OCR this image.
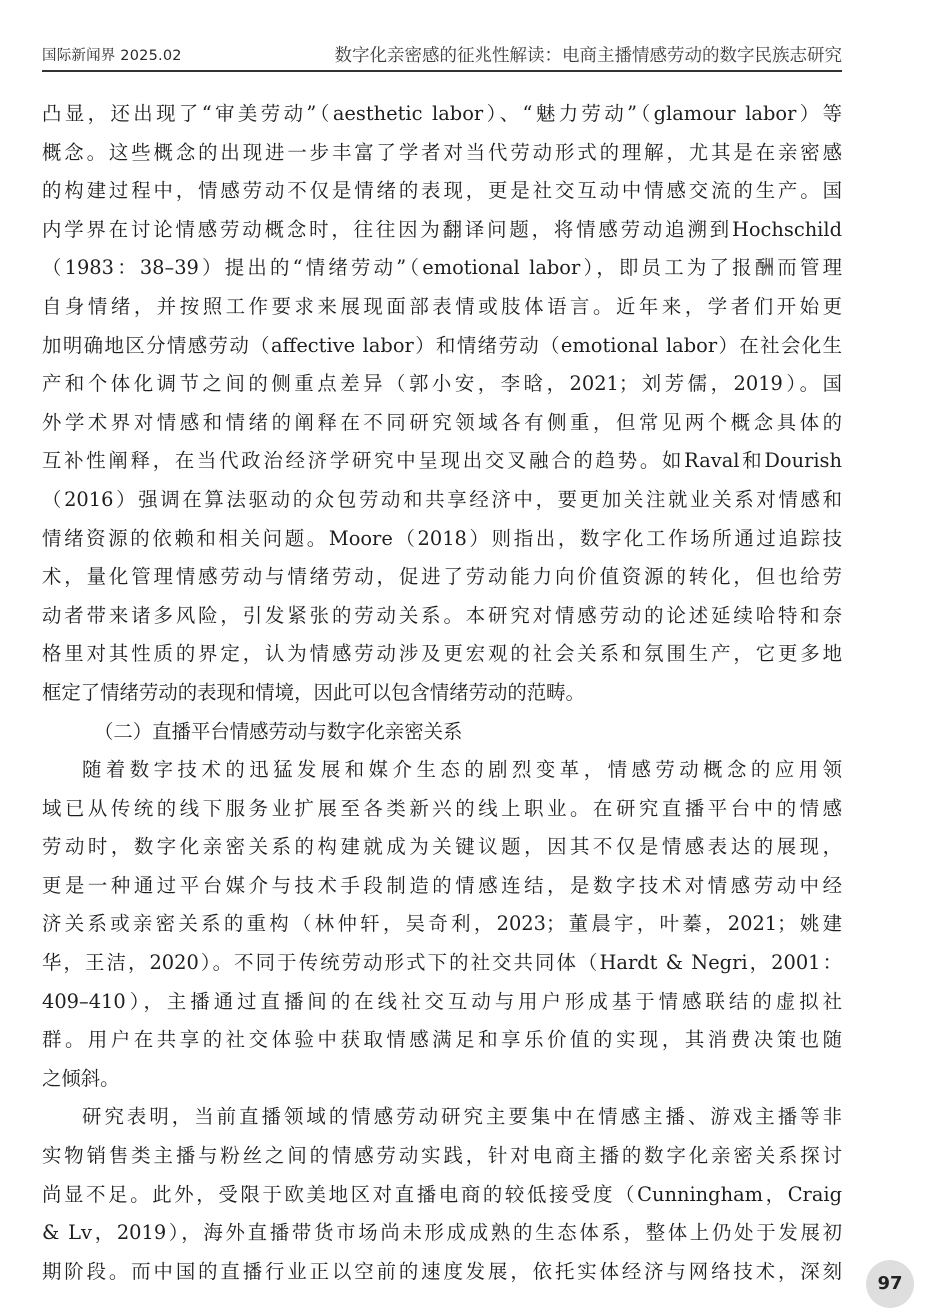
国际新闻界 2025.02	数字化亲密感的征兆性解读：电商主播情感劳动的数字民族志研究
凸显，还出现了“审美劳动”（aesthetic labor）、“魅力劳动”（glamour labor）等
概念。这些概念的出现进一步丰富了学者对当代劳动形式的理解，尤其是在亲密感
的构建过程中，情感劳动不仅是情绪的表现，更是社交互动中情感交流的生产。国
内学界在讨论情感劳动概念时，往往因为翻译问题，将情感劳动追溯到Hochschild
（1983：38–39）提出的“情绪劳动”（emotional labor），即员工为了报酬而管理
自身情绪，并按照工作要求来展现面部表情或肢体语言。近年来，学者们开始更
加明确地区分情感劳动（affective labor）和情绪劳动（emotional labor）在社会化生
产和个体化调节之间的侧重点差异（郭小安，李晗，2021；刘芳儒，2019）。国
外学术界对情感和情绪的阐释在不同研究领域各有侧重，但常见两个概念具体的
互补性阐释，在当代政治经济学研究中呈现出交叉融合的趋势。如Raval和Dourish
（2016）强调在算法驱动的众包劳动和共享经济中，要更加关注就业关系对情感和
情绪资源的依赖和相关问题。Moore（2018）则指出，数字化工作场所通过追踪技
术，量化管理情感劳动与情绪劳动，促进了劳动能力向价值资源的转化，但也给劳
动者带来诸多风险，引发紧张的劳动关系。本研究对情感劳动的论述延续哈特和奈
格里对其性质的界定，认为情感劳动涉及更宏观的社会关系和氛围生产，它更多地
框定了情绪劳动的表现和情境，因此可以包含情绪劳动的范畴。
（二）直播平台情感劳动与数字化亲密关系
随着数字技术的迅猛发展和媒介生态的剧烈变革，情感劳动概念的应用领
域已从传统的线下服务业扩展至各类新兴的线上职业。在研究直播平台中的情感
劳动时，数字化亲密关系的构建就成为关键议题，因其不仅是情感表达的展现，
更是一种通过平台媒介与技术手段制造的情感连结，是数字技术对情感劳动中经
济关系或亲密关系的重构（林仲轩，吴奇利，2023；董晨宇，叶蓁，2021；姚建
华，王洁，2020）。不同于传统劳动形式下的社交共同体（Hardt & Negri，2001：
409–410），主播通过直播间的在线社交互动与用户形成基于情感联结的虚拟社
群。用户在共享的社交体验中获取情感满足和享乐价值的实现，其消费决策也随
之倾斜。
研究表明，当前直播领域的情感劳动研究主要集中在情感主播、游戏主播等非
实物销售类主播与粉丝之间的情感劳动实践，针对电商主播的数字化亲密关系探讨
尚显不足。此外，受限于欧美地区对直播电商的较低接受度（Cunningham，Craig
& Lv，2019），海外直播带货市场尚未形成成熟的生态体系，整体上仍处于发展初
期阶段。而中国的直播行业正以空前的速度发展，依托实体经济与网络技术，深刻
97
